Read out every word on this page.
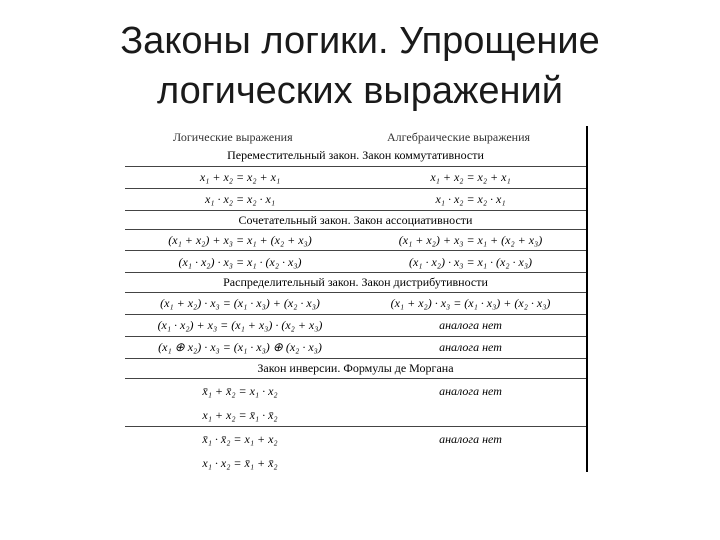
Законы логики. Упрощение
логических выражений
Логические выражения	Алгебраические выражения
Переместительный закон. Закон коммутативности
x₁ + x₂ = x₂ + x₁	x₁ + x₂ = x₂ + x₁
x₁ · x₂ = x₂ · x₁	x₁ · x₂ = x₂ · x₁
Сочетательный закон. Закон ассоциативности
(x₁ + x₂) + x₃ = x₁ + (x₂ + x₃)	(x₁ + x₂) + x₃ = x₁ + (x₂ + x₃)
(x₁ · x₂) · x₃ = x₁ · (x₂ · x₃)	(x₁ · x₂) · x₃ = x₁ · (x₂ · x₃)
Распределительный закон. Закон дистрибутивности
(x₁ + x₂) · x₃ = (x₁ · x₃) + (x₂ · x₃)	(x₁ + x₂) · x₃ = (x₁ · x₃) + (x₂ · x₃)
(x₁ · x₂) + x₃ = (x₁ + x₃) · (x₂ + x₃)	аналога нет
(x₁ ⊕ x₂) · x₃ = (x₁ · x₃) ⊕ (x₂ · x₃)	аналога нет
Закон инверсии. Формулы де Моргана
x̄₁ + x̄₂ = x₁ · x₂	аналога нет
x₁ + x₂ = x̄₁ · x̄₂
x̄₁ · x̄₂ = x₁ + x₂	аналога нет
x₁ · x₂ = x̄₁ + x̄₂
